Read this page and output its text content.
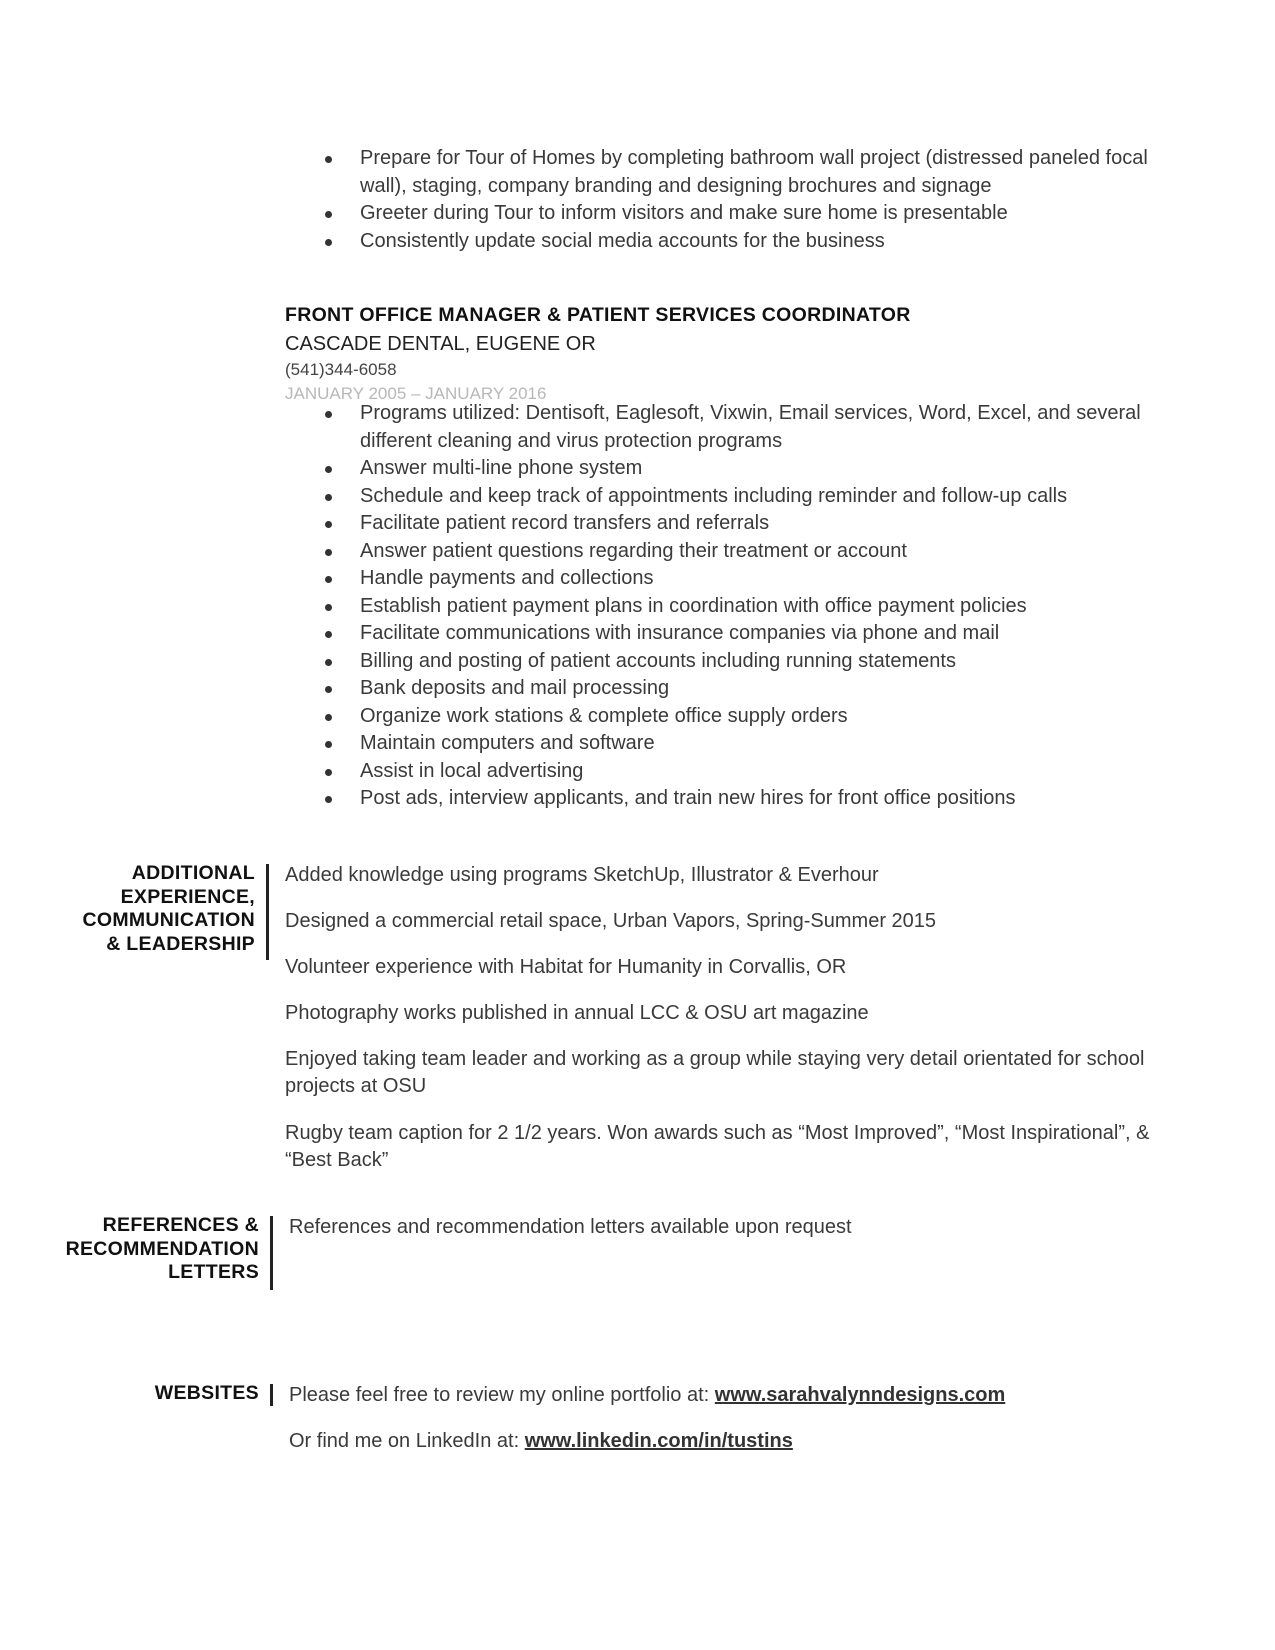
Prepare for Tour of Homes by completing bathroom wall project (distressed paneled focal wall), staging, company branding and designing brochures and signage
Greeter during Tour to inform visitors and make sure home is presentable
Consistently update social media accounts for the business
FRONT OFFICE MANAGER & PATIENT SERVICES COORDINATOR
CASCADE DENTAL, EUGENE OR
(541)344-6058
JANUARY 2005 – JANUARY 2016
Programs utilized: Dentisoft, Eaglesoft, Vixwin, Email services, Word, Excel, and several different cleaning and virus protection programs
Answer multi-line phone system
Schedule and keep track of appointments including reminder and follow-up calls
Facilitate patient record transfers and referrals
Answer patient questions regarding their treatment or account
Handle payments and collections
Establish patient payment plans in coordination with office payment policies
Facilitate communications with insurance companies via phone and mail
Billing and posting of patient accounts including running statements
Bank deposits and mail processing
Organize work stations & complete office supply orders
Maintain computers and software
Assist in local advertising
Post ads, interview applicants, and train new hires for front office positions
ADDITIONAL
EXPERIENCE,
COMMUNICATION
& LEADERSHIP

Added knowledge using programs SketchUp, Illustrator & Everhour

Designed a commercial retail space, Urban Vapors, Spring-Summer 2015

Volunteer experience with Habitat for Humanity in Corvallis, OR

Photography works published in annual LCC & OSU art magazine

Enjoyed taking team leader and working as a group while staying very detail orientated for school projects at OSU

Rugby team caption for 2 1/2 years. Won awards such as “Most Improved”, “Most Inspirational”, & “Best Back”

REFERENCES &
RECOMMENDATION
LETTERS

References and recommendation letters available upon request

WEBSITES Please feel free to review my online portfolio at: www.sarahvalynndesigns.com

Or find me on LinkedIn at: www.linkedin.com/in/tustins
